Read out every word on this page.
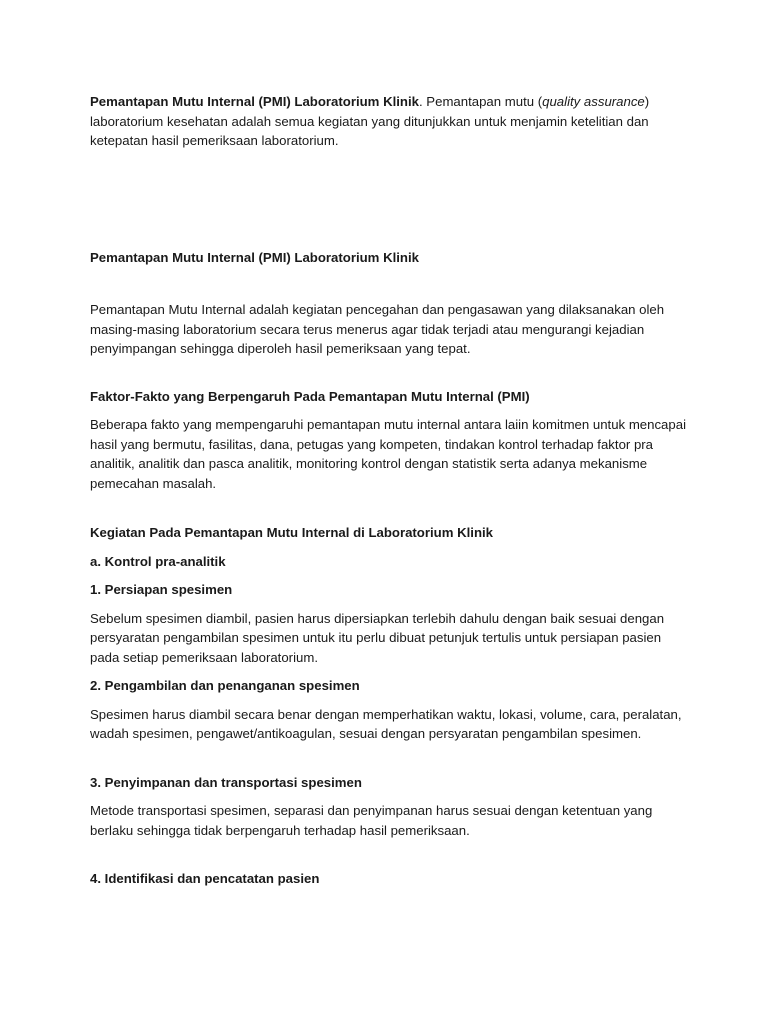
Pemantapan Mutu Internal (PMI) Laboratorium Klinik. Pemantapan mutu (quality assurance)
laboratorium kesehatan adalah semua kegiatan yang ditunjukkan untuk menjamin ketelitian dan ketepatan hasil pemeriksaan laboratorium.

Pemantapan Mutu Internal (PMI) Laboratorium Klinik

Pemantapan Mutu Internal adalah kegiatan pencegahan dan pengasawan yang dilaksanakan oleh masing-masing laboratorium secara terus menerus agar tidak terjadi atau mengurangi kejadian penyimpangan sehingga diperoleh hasil pemeriksaan yang tepat.

Faktor-Fakto yang Berpengaruh Pada Pemantapan Mutu Internal (PMI)

Beberapa fakto yang mempengaruhi pemantapan mutu internal antara laiin komitmen untuk mencapai hasil yang bermutu, fasilitas, dana, petugas yang kompeten, tindakan kontrol terhadap faktor pra analitik, analitik dan pasca analitik, monitoring kontrol dengan statistik serta adanya mekanisme pemecahan masalah.

Kegiatan Pada Pemantapan Mutu Internal di Laboratorium Klinik

a. Kontrol pra-analitik

1. Persiapan spesimen

Sebelum spesimen diambil, pasien harus dipersiapkan terlebih dahulu dengan baik sesuai dengan persyaratan pengambilan spesimen untuk itu perlu dibuat petunjuk tertulis untuk persiapan pasien pada setiap pemeriksaan laboratorium.

2. Pengambilan dan penanganan spesimen

Spesimen harus diambil secara benar dengan memperhatikan waktu, lokasi, volume, cara, peralatan, wadah spesimen, pengawet/antikoagulan, sesuai dengan persyaratan pengambilan spesimen.

3. Penyimpanan dan transportasi spesimen

Metode transportasi spesimen, separasi dan penyimpanan harus sesuai dengan ketentuan yang berlaku sehingga tidak berpengaruh terhadap hasil pemeriksaan.

4. Identifikasi dan pencatatan pasien
